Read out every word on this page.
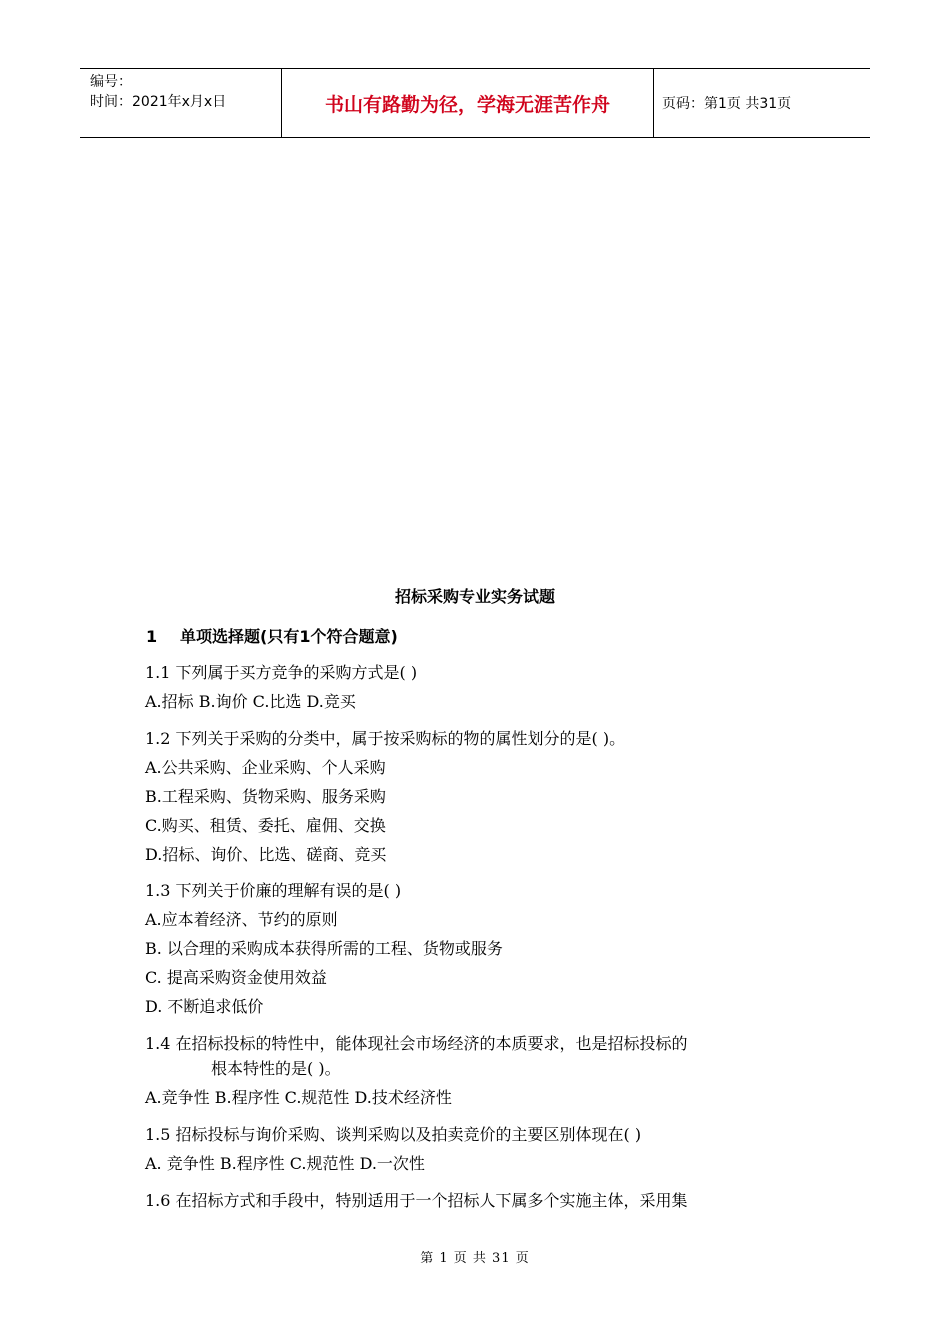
编号：
时间：2021年x月x日	书山有路勤为径，学海无涯苦作舟	页码：第1页 共31页
招标采购专业实务试题
1 单项选择题(只有1个符合题意)
1.1 下列属于买方竞争的采购方式是( )
A.招标 B.询价 C.比选 D.竞买
1.2 下列关于采购的分类中，属于按采购标的物的属性划分的是( )。
A.公共采购、企业采购、个人采购
B.工程采购、货物采购、服务采购
C.购买、租赁、委托、雇佣、交换
D.招标、询价、比选、磋商、竞买
1.3 下列关于价廉的理解有误的是( )
A.应本着经济、节约的原则
B. 以合理的采购成本获得所需的工程、货物或服务
C. 提高采购资金使用效益
D. 不断追求低价
1.4 在招标投标的特性中，能体现社会市场经济的本质要求，也是招标投标的
根本特性的是( )。
A.竞争性 B.程序性 C.规范性 D.技术经济性
1.5 招标投标与询价采购、谈判采购以及拍卖竞价的主要区别体现在( )
A. 竞争性 B.程序性 C.规范性 D.一次性
1.6 在招标方式和手段中，特别适用于一个招标人下属多个实施主体，采用集
第 1 页 共 31 页
